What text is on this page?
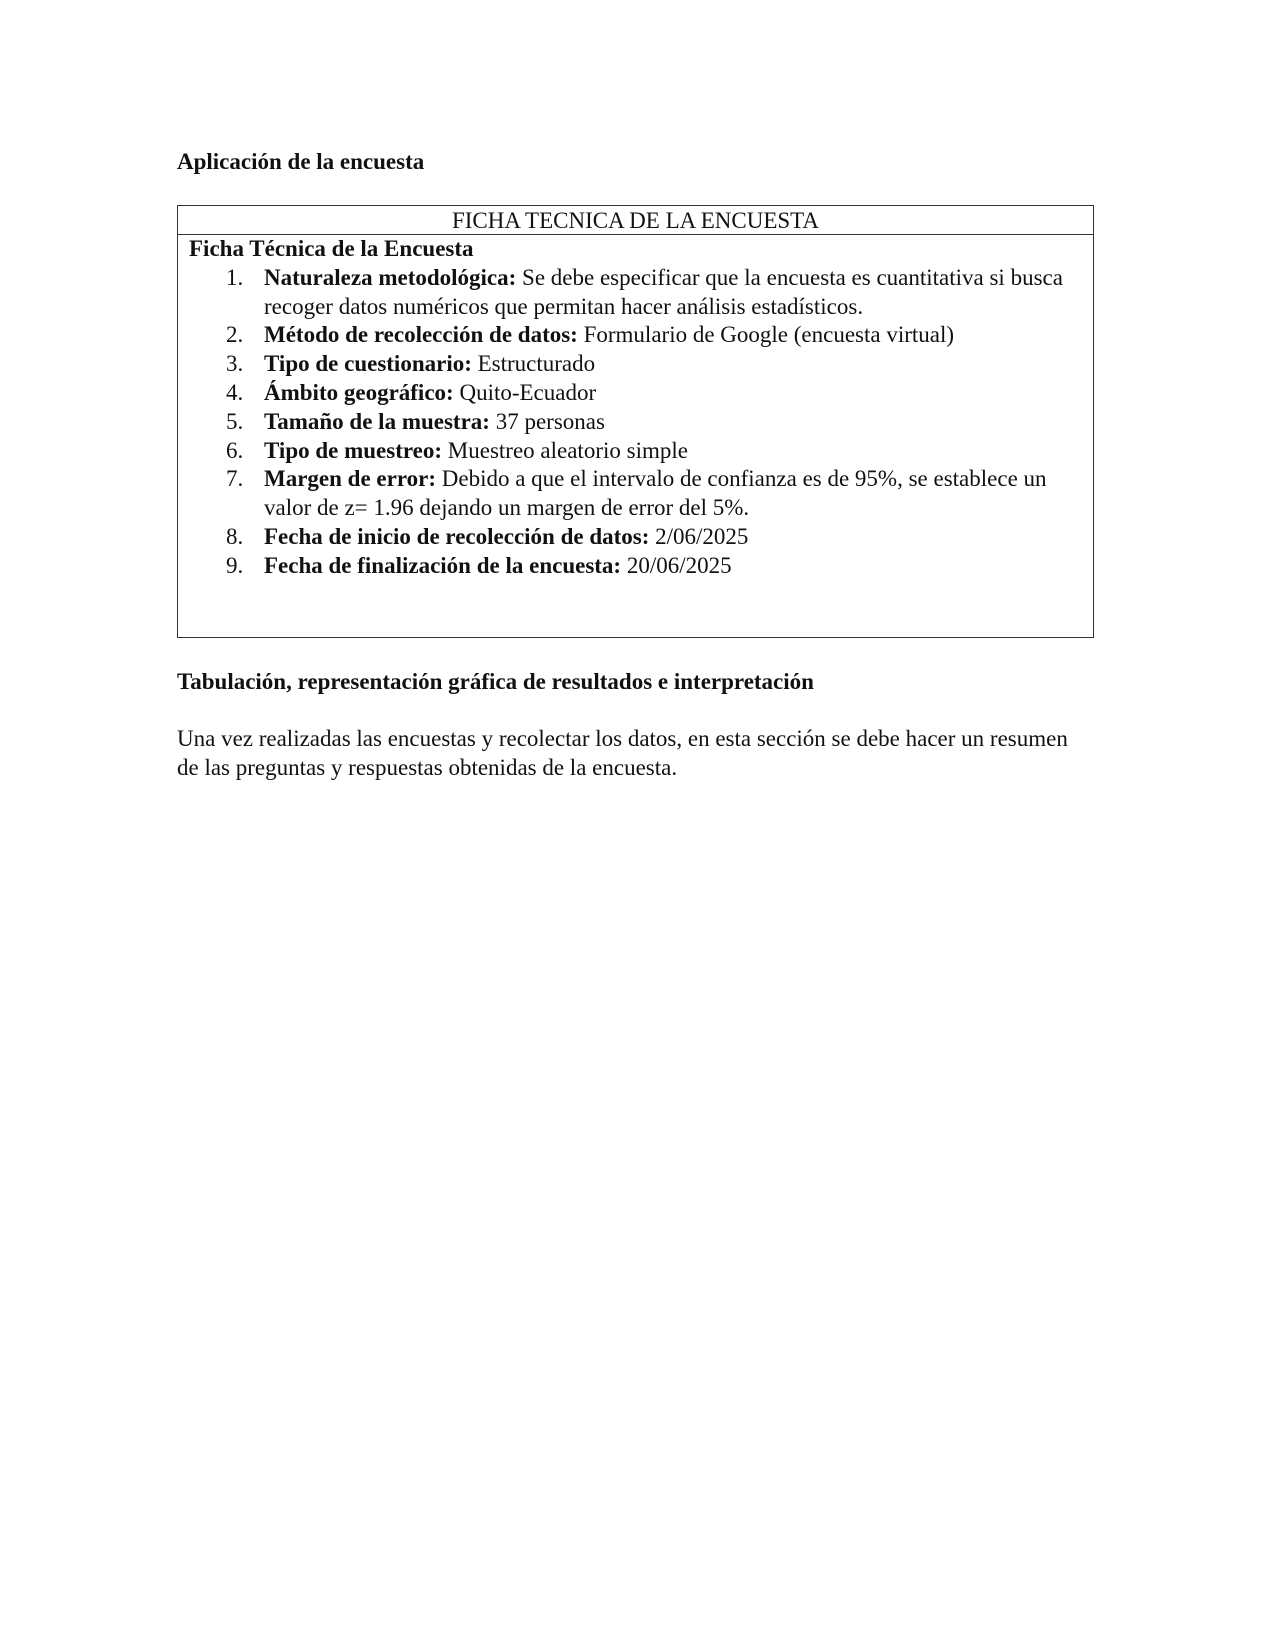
Aplicación de la encuesta
FICHA TECNICA DE LA ENCUESTA

Ficha Técnica de la Encuesta

1. Naturaleza metodológica: Se debe especificar que la encuesta es cuantitativa si busca recoger datos numéricos que permitan hacer análisis estadísticos.
2. Método de recolección de datos: Formulario de Google (encuesta virtual)
3. Tipo de cuestionario: Estructurado
4. Ámbito geográfico: Quito-Ecuador
5. Tamaño de la muestra: 37 personas
6. Tipo de muestreo: Muestreo aleatorio simple
7. Margen de error: Debido a que el intervalo de confianza es de 95%, se establece un valor de z= 1.96 dejando un margen de error del 5%.
8. Fecha de inicio de recolección de datos: 2/06/2025
9. Fecha de finalización de la encuesta: 20/06/2025
Tabulación, representación gráfica de resultados e interpretación

Una vez realizadas las encuestas y recolectar los datos, en esta sección se debe hacer un resumen de las preguntas y respuestas obtenidas de la encuesta.
